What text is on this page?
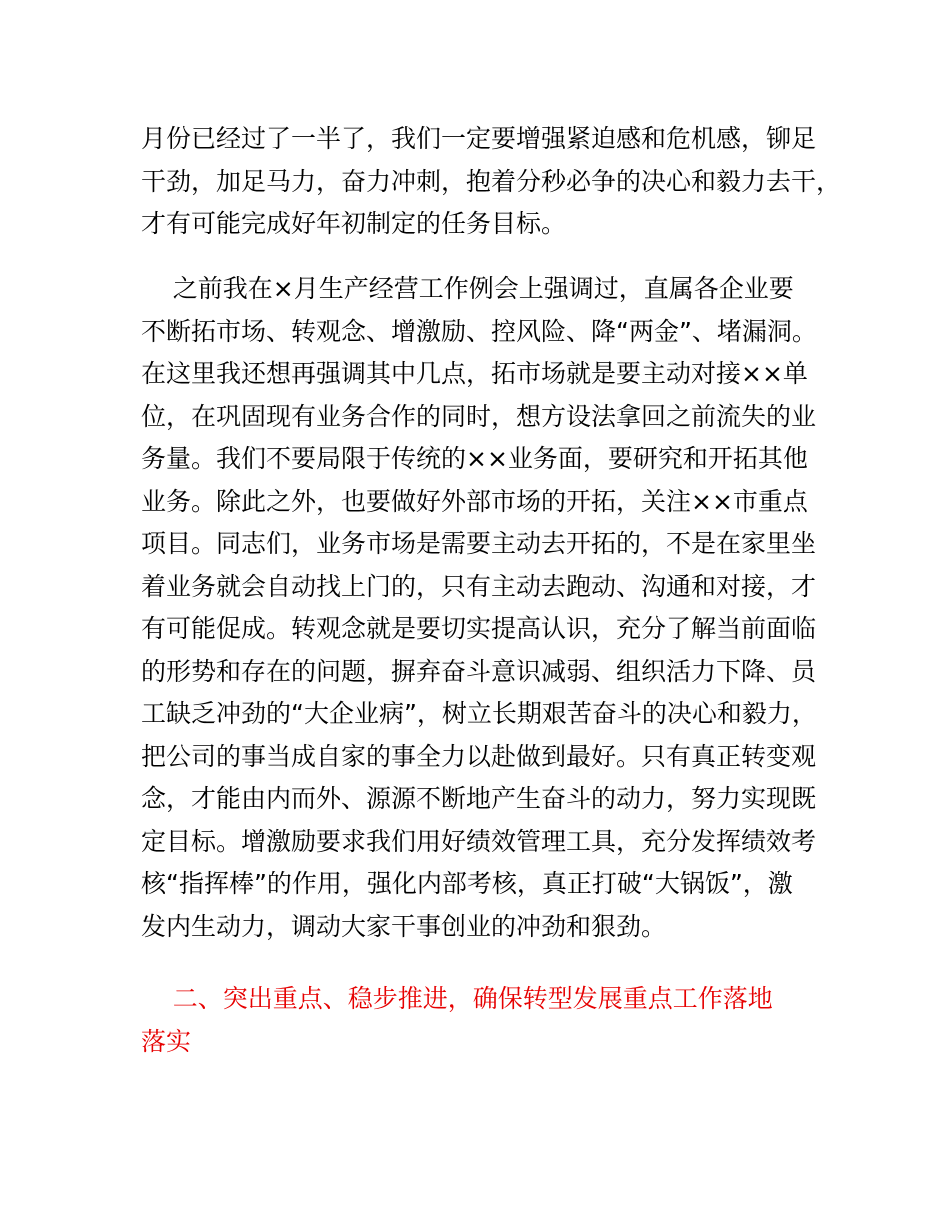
月份已经过了一半了，我们一定要增强紧迫感和危机感，铆足
干劲，加足马力，奋力冲刺，抱着分秒必争的决心和毅力去干，
才有可能完成好年初制定的任务目标。
之前我在×月生产经营工作例会上强调过，直属各企业要
不断拓市场、转观念、增激励、控风险、降“两金”、堵漏洞。
在这里我还想再强调其中几点，拓市场就是要主动对接××单
位，在巩固现有业务合作的同时，想方设法拿回之前流失的业
务量。我们不要局限于传统的××业务面，要研究和开拓其他
业务。除此之外，也要做好外部市场的开拓，关注××市重点
项目。同志们，业务市场是需要主动去开拓的，不是在家里坐
着业务就会自动找上门的，只有主动去跑动、沟通和对接，才
有可能促成。转观念就是要切实提高认识，充分了解当前面临
的形势和存在的问题，摒弃奋斗意识减弱、组织活力下降、员
工缺乏冲劲的“大企业病”，树立长期艰苦奋斗的决心和毅力，
把公司的事当成自家的事全力以赴做到最好。只有真正转变观
念，才能由内而外、源源不断地产生奋斗的动力，努力实现既
定目标。增激励要求我们用好绩效管理工具，充分发挥绩效考
核“指挥棒”的作用，强化内部考核，真正打破“大锅饭”，激
发内生动力，调动大家干事创业的冲劲和狠劲。
二、突出重点、稳步推进，确保转型发展重点工作落地
落实
